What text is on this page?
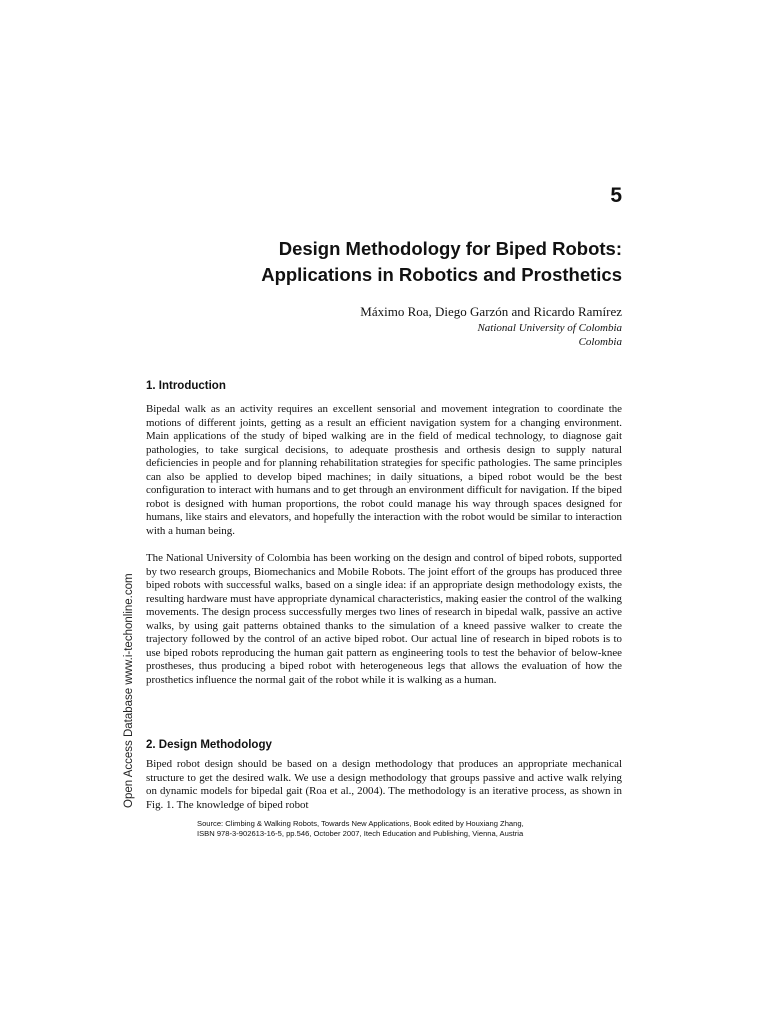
5
Design Methodology for Biped Robots:
Applications in Robotics and Prosthetics
Máximo Roa, Diego Garzón and Ricardo Ramírez
National University of Colombia
Colombia
1. Introduction

Bipedal walk as an activity requires an excellent sensorial and movement integration to coordinate the motions of different joints, getting as a result an efficient navigation system for a changing environment. Main applications of the study of biped walking are in the field of medical technology, to diagnose gait pathologies, to take surgical decisions, to adequate prosthesis and orthesis design to supply natural deficiencies in people and for planning rehabilitation strategies for specific pathologies. The same principles can also be applied to develop biped machines; in daily situations, a biped robot would be the best configuration to interact with humans and to get through an environment difficult for navigation. If the biped robot is designed with human proportions, the robot could manage his way through spaces designed for humans, like stairs and elevators, and hopefully the interaction with the robot would be similar to interaction with a human being.

The National University of Colombia has been working on the design and control of biped robots, supported by two research groups, Biomechanics and Mobile Robots. The joint effort of the groups has produced three biped robots with successful walks, based on a single idea: if an appropriate design methodology exists, the resulting hardware must have appropriate dynamical characteristics, making easier the control of the walking movements. The design process successfully merges two lines of research in bipedal walk, passive an active walks, by using gait patterns obtained thanks to the simulation of a kneed passive walker to create the trajectory followed by the control of an active biped robot. Our actual line of research in biped robots is to use biped robots reproducing the human gait pattern as engineering tools to test the behavior of below-knee prostheses, thus producing a biped robot with heterogeneous legs that allows the evaluation of how the prosthetics influence the normal gait of the robot while it is walking as a human.

2. Design Methodology

Biped robot design should be based on a design methodology that produces an appropriate mechanical structure to get the desired walk. We use a design methodology that groups passive and active walk relying on dynamic models for bipedal gait (Roa et al., 2004). The methodology is an iterative process, as shown in Fig. 1. The knowledge of biped robot

Source: Climbing & Walking Robots, Towards New Applications, Book edited by Houxiang Zhang,
ISBN 978-3-902613-16-5, pp.546, October 2007, Itech Education and Publishing, Vienna, Austria
Open Access Database www.i-techonline.com
